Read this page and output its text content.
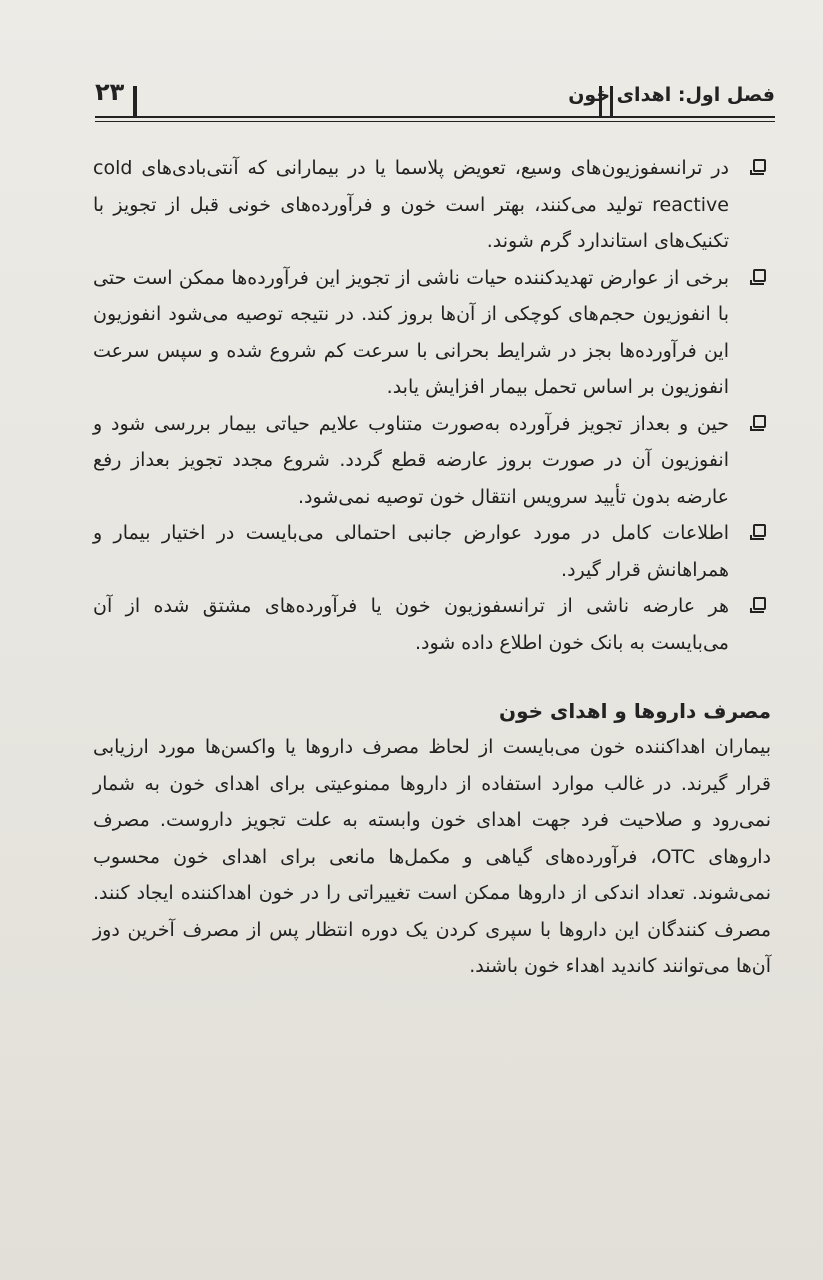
فصل اول: اهدای خون
۲۳

در ترانسفوزیون‌های وسیع، تعویض پلاسما یا در بیمارانی که آنتی‌بادی‌های cold reactive تولید می‌کنند، بهتر است خون و فرآورده‌های خونی قبل از تجویز با تکنیک‌های استاندارد گرم شوند.

برخی از عوارض تهدیدکننده حیات ناشی از تجویز این فرآورده‌ها ممکن است حتی با انفوزیون حجم‌های کوچکی از آن‌ها بروز کند. در نتیجه توصیه می‌شود انفوزیون این فرآورده‌ها بجز در شرایط بحرانی با سرعت کم شروع شده و سپس سرعت انفوزیون بر اساس تحمل بیمار افزایش یابد.

حین و بعداز تجویز فرآورده به‌صورت متناوب علایم حیاتی بیمار بررسی شود و انفوزیون آن در صورت بروز عارضه قطع گردد. شروع مجدد تجویز بعداز رفع عارضه بدون تأیید سرویس انتقال خون توصیه نمی‌شود.

اطلاعات کامل در مورد عوارض جانبی احتمالی می‌بایست در اختیار بیمار و همراهانش قرار گیرد.

هر عارضه ناشی از ترانسفوزیون خون یا فرآورده‌های مشتق شده از آن می‌بایست به بانک خون اطلاع داده شود.

مصرف داروها و اهدای خون

بیماران اهداکننده خون می‌بایست از لحاظ مصرف داروها یا واکسن‌ها مورد ارزیابی قرار گیرند. در غالب موارد استفاده از داروها ممنوعیتی برای اهدای خون به شمار نمی‌رود و صلاحیت فرد جهت اهدای خون وابسته به علت تجویز داروست. مصرف داروهای OTC، فرآورده‌های گیاهی و مکمل‌ها مانعی برای اهدای خون محسوب نمی‌شوند. تعداد اندکی از داروها ممکن است تغییراتی را در خون اهداکننده ایجاد کنند. مصرف کنندگان این داروها با سپری کردن یک دوره انتظار پس از مصرف آخرین دوز آن‌ها می‌توانند کاندید اهداء خون باشند.
